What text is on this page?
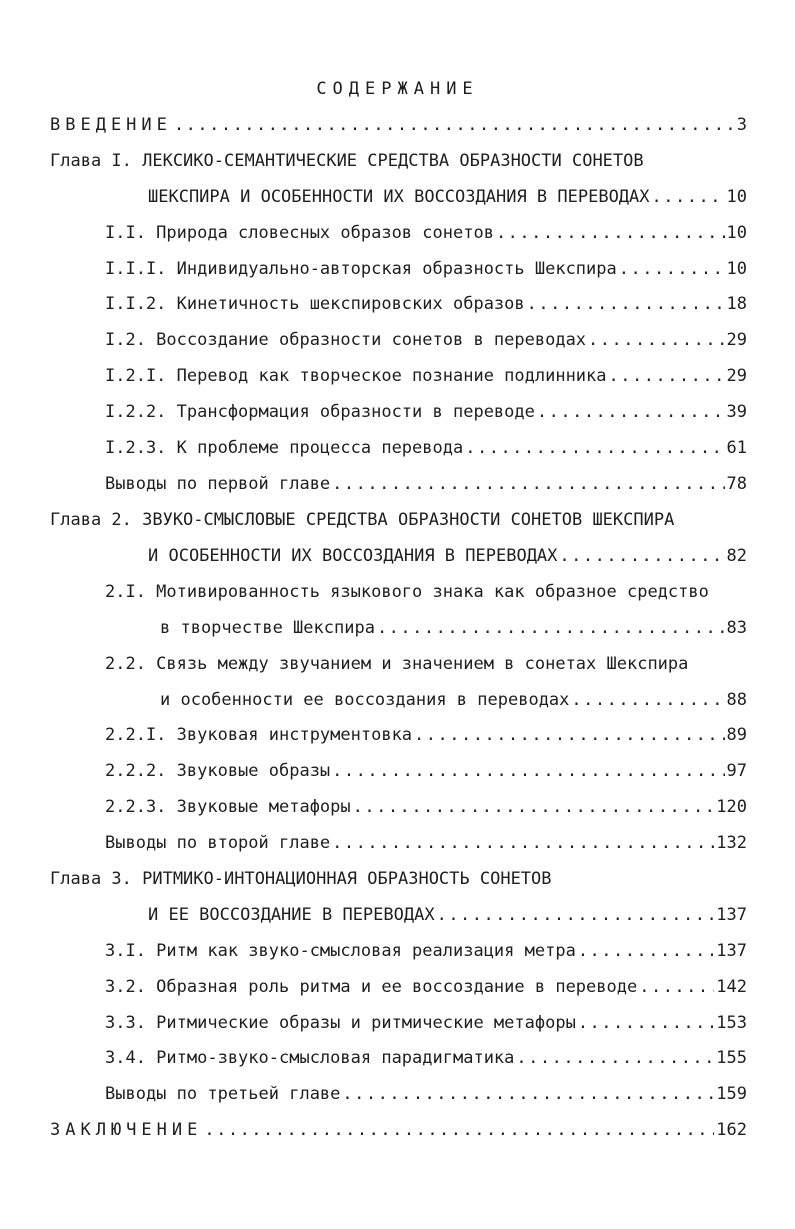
СОДЕРЖАНИЕ
ВВЕДЕНИЕ .....	3
Глава I. ЛЕКСИКО-СЕМАНТИЧЕСКИЕ СРЕДСТВА ОБРАЗНОСТИ СОНЕТОВ
ШЕКСПИРА И ОСОБЕННОСТИ ИХ ВОССОЗДАНИЯ В ПЕРЕВОДАХ .....	10
I.I. Природа словесных образов сонетов .....	10
I.I.I. Индивидуально-авторская образность Шекспира .....	10
I.I.2. Кинетичность шекспировских образов .....	18
I.2. Воссоздание образности сонетов в переводах .....	29
I.2.I. Перевод как творческое познание подлинника .....	29
I.2.2. Трансформация образности в переводе .....	39
I.2.3. К проблеме процесса перевода .....	61
Выводы по первой главе .....	78
Глава 2. ЗВУКО-СМЫСЛОВЫЕ СРЕДСТВА ОБРАЗНОСТИ СОНЕТОВ ШЕКСПИРА
И ОСОБЕННОСТИ ИХ ВОССОЗДАНИЯ В ПЕРЕВОДАХ .....	82
2.I. Мотивированность языкового знака как образное средство
в творчестве Шекспира .....	83
2.2. Связь между звучанием и значением в сонетах Шекспира
и особенности ее воссоздания в переводах .....	88
2.2.I. Звуковая инструментовка .....	89
2.2.2. Звуковые образы .....	97
2.2.3. Звуковые метафоры .....	120
Выводы по второй главе .....	132
Глава 3. РИТМИКО-ИНТОНАЦИОННАЯ ОБРАЗНОСТЬ СОНЕТОВ
И ЕЕ ВОССОЗДАНИЕ В ПЕРЕВОДАХ .....	137
3.I. Ритм как звуко-смысловая реализация метра .....	137
3.2. Образная роль ритма и ее воссоздание в переводе .....	142
3.3. Ритмические образы и ритмические метафоры .....	153
3.4. Ритмо-звуко-смысловая парадигматика .....	155
Выводы по третьей главе .....	159
ЗАКЛЮЧЕНИЕ .....	162
